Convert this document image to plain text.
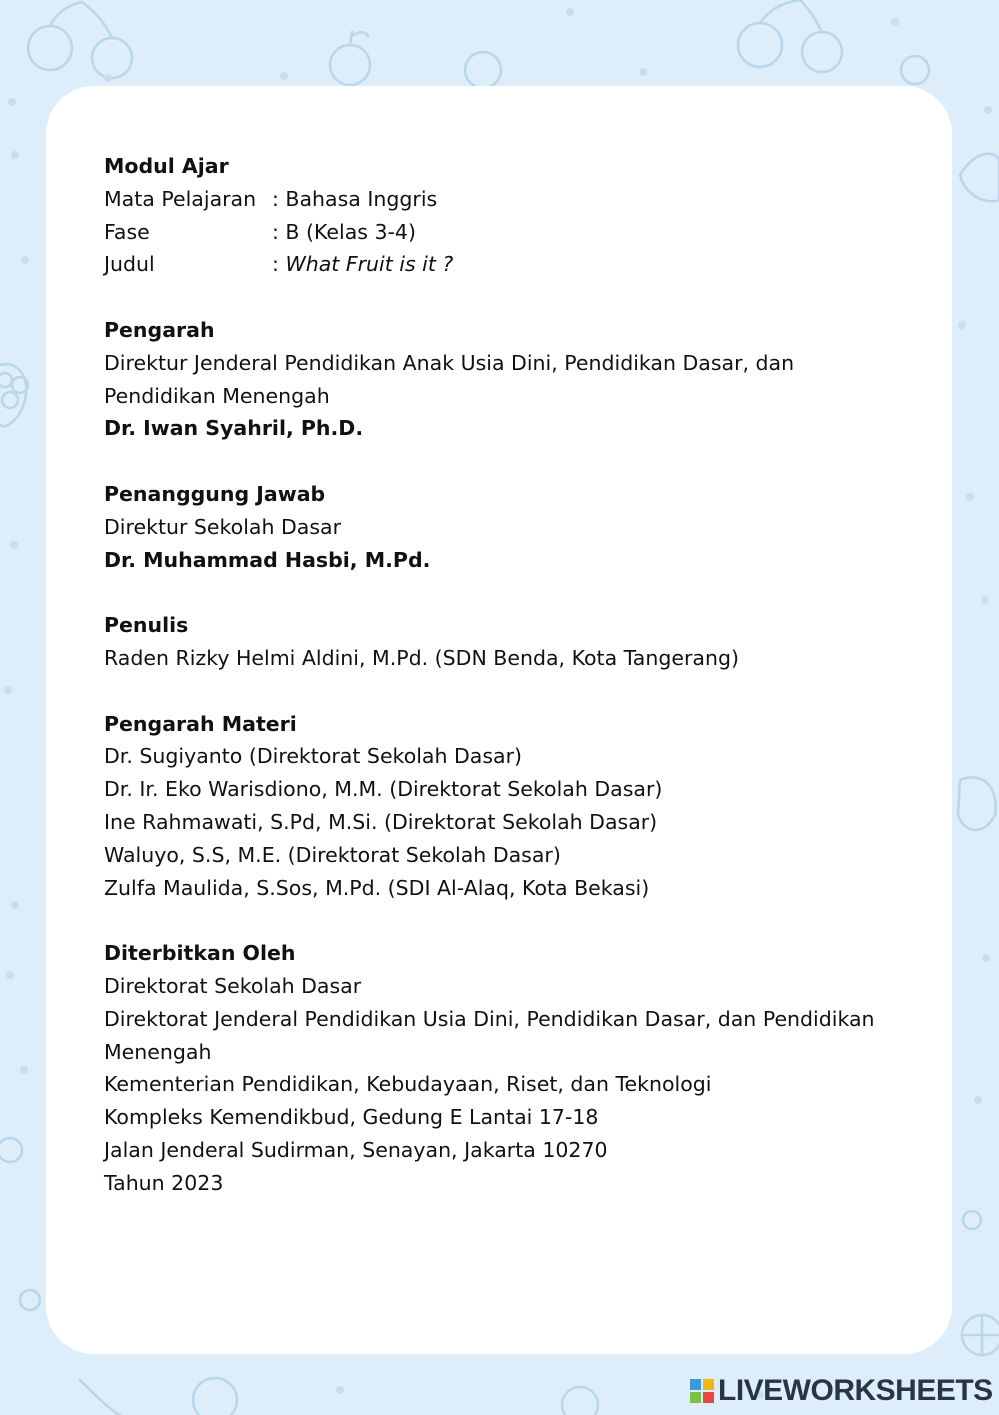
Modul Ajar
Mata Pelajaran : Bahasa Inggris
Fase	: B (Kelas 3-4)
Judul	: What Fruit is it ?
Pengarah
Direktur Jenderal Pendidikan Anak Usia Dini, Pendidikan Dasar, dan
Pendidikan Menengah
Dr. Iwan Syahril, Ph.D.
Penanggung Jawab
Direktur Sekolah Dasar
Dr. Muhammad Hasbi, M.Pd.
Penulis
Raden Rizky Helmi Aldini, M.Pd. (SDN Benda, Kota Tangerang)
Pengarah Materi
Dr. Sugiyanto (Direktorat Sekolah Dasar)
Dr. Ir. Eko Warisdiono, M.M. (Direktorat Sekolah Dasar)
Ine Rahmawati, S.Pd, M.Si. (Direktorat Sekolah Dasar)
Waluyo, S.S, M.E. (Direktorat Sekolah Dasar)
Zulfa Maulida, S.Sos, M.Pd. (SDI Al-Alaq, Kota Bekasi)
Diterbitkan Oleh
Direktorat Sekolah Dasar
Direktorat Jenderal Pendidikan Usia Dini, Pendidikan Dasar, dan Pendidikan
Menengah
Kementerian Pendidikan, Kebudayaan, Riset, dan Teknologi
Kompleks Kemendikbud, Gedung E Lantai 17-18
Jalan Jenderal Sudirman, Senayan, Jakarta 10270
Tahun 2023
LIVEWORKSHEETS
